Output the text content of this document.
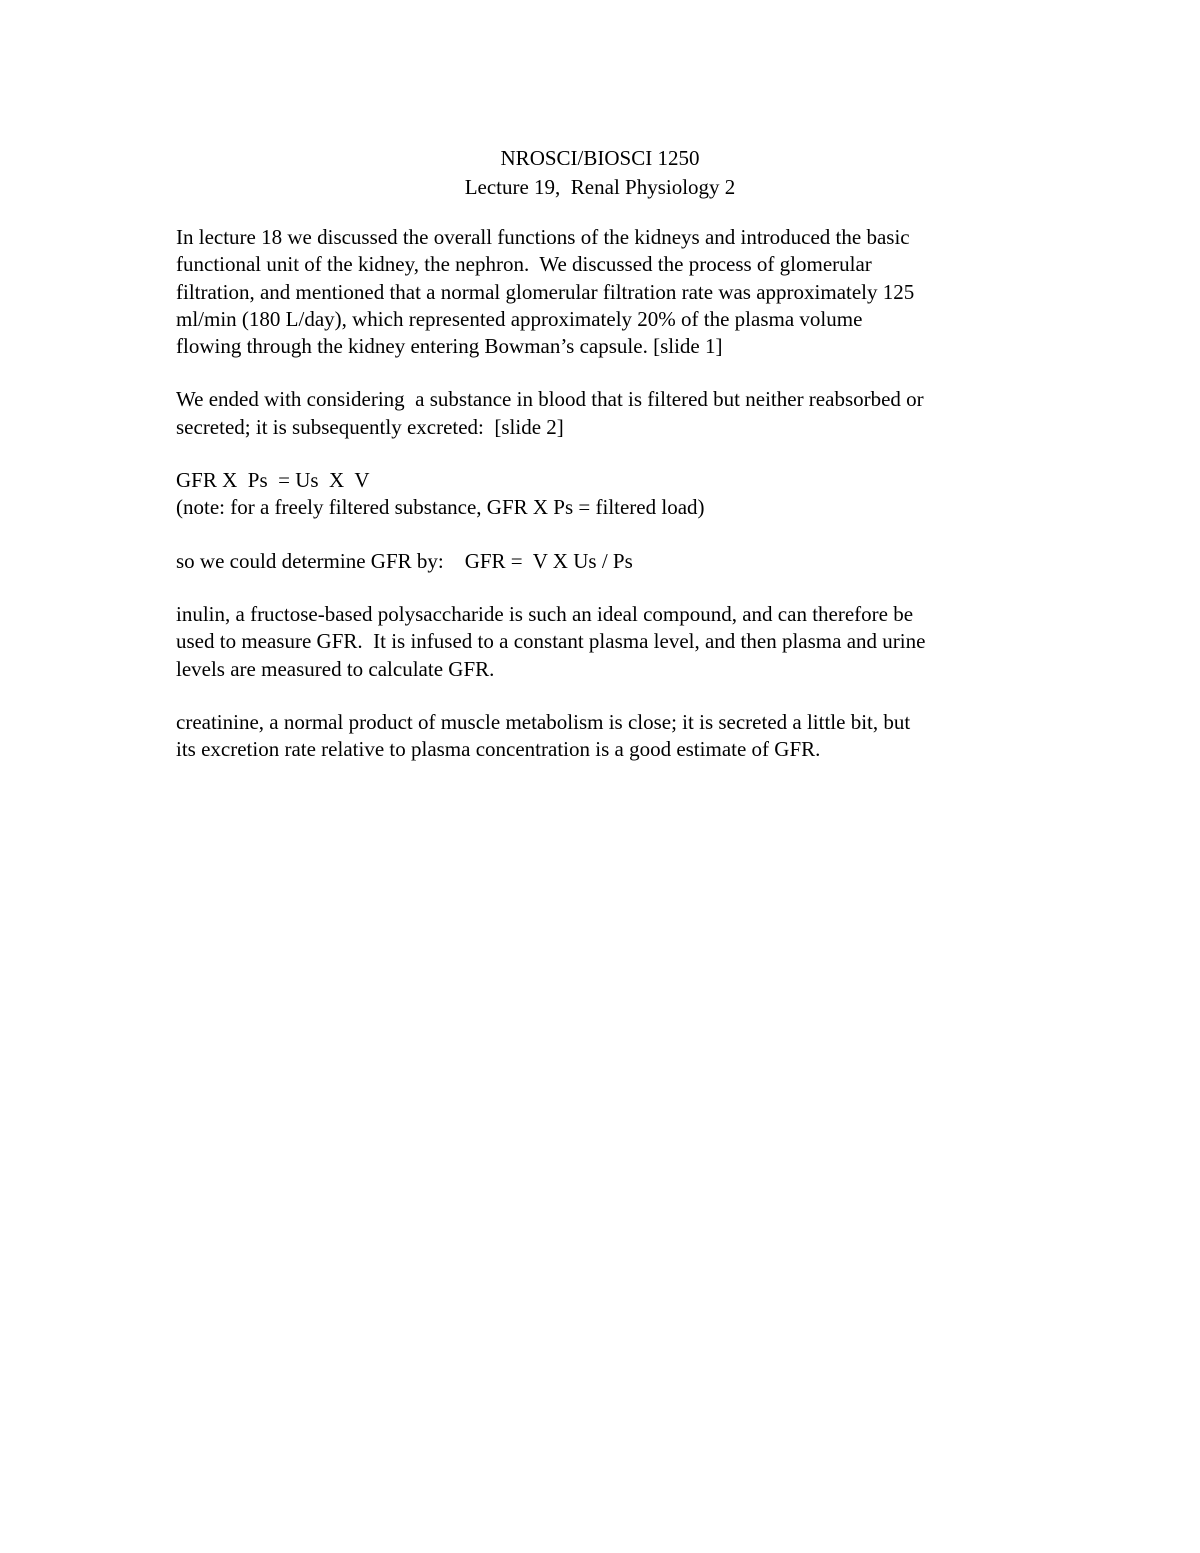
NROSCI/BIOSCI 1250
Lecture 19,  Renal Physiology 2
In lecture 18 we discussed the overall functions of the kidneys and introduced the basic
functional unit of the kidney, the nephron.  We discussed the process of glomerular
filtration, and mentioned that a normal glomerular filtration rate was approximately 125
ml/min (180 L/day), which represented approximately 20% of the plasma volume
flowing through the kidney entering Bowman’s capsule. [slide 1]
We ended with considering  a substance in blood that is filtered but neither reabsorbed or
secreted; it is subsequently excreted:  [slide 2]
GFR X  Ps  = Us  X  V
(note: for a freely filtered substance, GFR X Ps = filtered load)
so we could determine GFR by:    GFR =  V X Us / Ps
inulin, a fructose-based polysaccharide is such an ideal compound, and can therefore be
used to measure GFR.  It is infused to a constant plasma level, and then plasma and urine
levels are measured to calculate GFR.
creatinine, a normal product of muscle metabolism is close; it is secreted a little bit, but
its excretion rate relative to plasma concentration is a good estimate of GFR.
